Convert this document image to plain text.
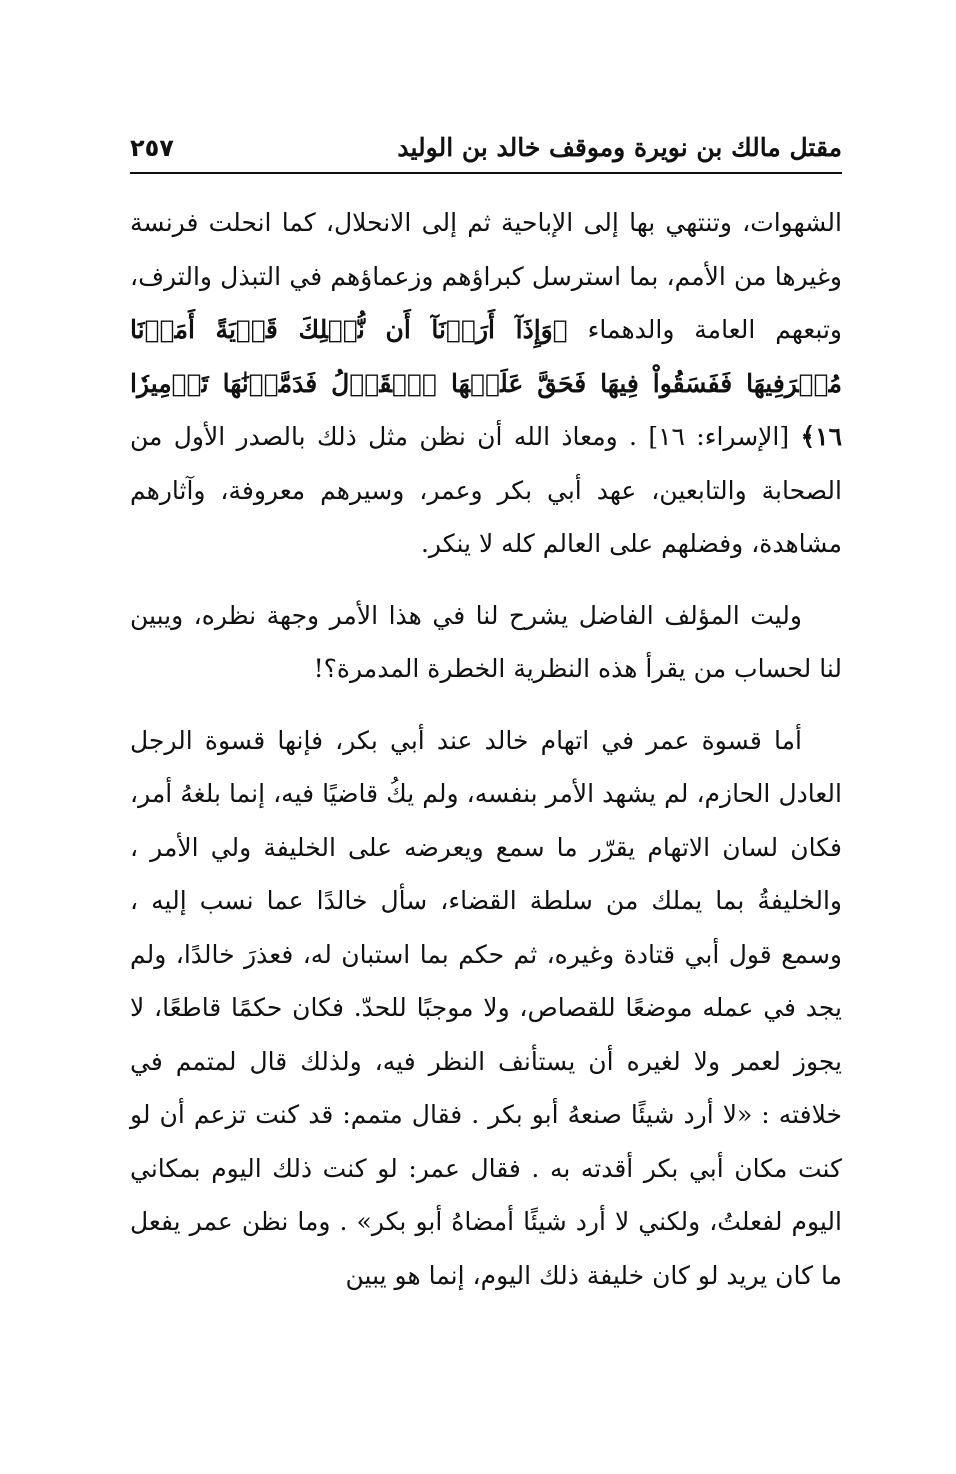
مقتل مالك بن نويرة وموقف خالد بن الوليد
٢٥٧

الشهوات، وتنتهي بها إلى الإباحية ثم إلى الانحلال، كما انحلت فرنسة وغيرها من الأمم، بما استرسل كبراؤهم وزعماؤهم في التبذل والترف، وتبعهم العامة والدهماء ﴿وَإِذَآ أَرَدۡنَآ أَن نُّهۡلِكَ قَرۡيَةً أَمَرۡنَا مُتۡرَفِيهَا فَفَسَقُواْ فِيهَا فَحَقَّ عَلَيۡهَا ٱلۡقَوۡلُ فَدَمَّرۡنَٰهَا تَدۡمِيرٗا ١٦﴾ [الإسراء: ١٦] . ومعاذ الله أن نظن مثل ذلك بالصدر الأول من الصحابة والتابعين، عهد أبي بكر وعمر، وسيرهم معروفة، وآثارهم مشاهدة، وفضلهم على العالم كله لا ينكر.

وليت المؤلف الفاضل يشرح لنا في هذا الأمر وجهة نظره، ويبين لنا لحساب من يقرأ هذه النظرية الخطرة المدمرة؟!

أما قسوة عمر في اتهام خالد عند أبي بكر، فإنها قسوة الرجل العادل الحازم، لم يشهد الأمر بنفسه، ولم يكُ قاضيًا فيه، إنما بلغهُ أمر، فكان لسان الاتهام يقرّر ما سمع ويعرضه على الخليفة ولي الأمر ، والخليفةُ بما يملك من سلطة القضاء، سأل خالدًا عما نسب إليه ، وسمع قول أبي قتادة وغيره، ثم حكم بما استبان له، فعذرَ خالدًا، ولم يجد في عمله موضعًا للقصاص، ولا موجبًا للحدّ. فكان حكمًا قاطعًا، لا يجوز لعمر ولا لغيره أن يستأنف النظر فيه، ولذلك قال لمتمم في خلافته : «لا أرد شيئًا صنعهُ أبو بكر . فقال متمم: قد كنت تزعم أن لو كنت مكان أبي بكر أقدته به . فقال عمر: لو كنت ذلك اليوم بمكاني اليوم لفعلتُ، ولكني لا أرد شيئًا أمضاهُ أبو بكر» . وما نظن عمر يفعل ما كان يريد لو كان خليفة ذلك اليوم، إنما هو يبين
